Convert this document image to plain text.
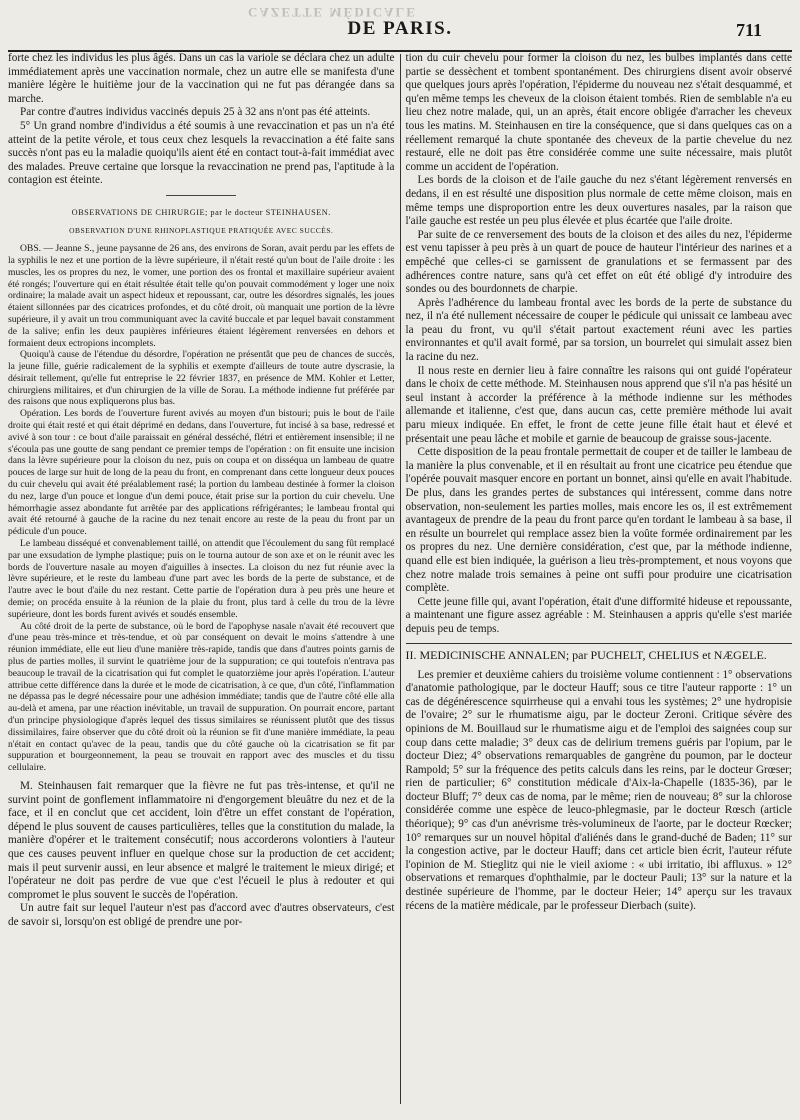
CAZETTE MÉDICALE
DE PARIS.	711

forte chez les individus les plus âgés. Dans un cas la variole se déclara chez un adulte immédiatement après une vaccination normale, chez un autre elle se manifesta d'une manière légère le huitième jour de la vaccination qui ne fut pas dérangée dans sa marche.

Par contre d'autres individus vaccinés depuis 25 à 32 ans n'ont pas été atteints.

5° Un grand nombre d'individus a été soumis à une revaccination et pas un n'a été atteint de la petite vérole, et tous ceux chez lesquels la revaccination a été faite sans succès n'ont pas eu la maladie quoiqu'ils aient été en contact tout-à-fait immédiat avec des malades. Preuve certaine que lorsque la revaccination ne prend pas, l'aptitude à la contagion est éteinte.

OBSERVATIONS DE CHIRURGIE; par le docteur STEINHAUSEN.
OBSERVATION D'UNE RHINOPLASTIQUE PRATIQUÉE AVEC SUCCÈS.

OBS. — Jeanne S., jeune paysanne de 26 ans, des environs de Soran, avait perdu par les effets de la syphilis le nez et une portion de la lèvre supérieure, il n'était resté qu'un bout de l'aile droite : les muscles, les os propres du nez, le vomer, une portion des os frontal et maxillaire supérieur avaient été rongés; l'ouverture qui en était résultée était telle qu'on pouvait commodément y loger une noix ordinaire; la malade avait un aspect hideux et repoussant, car, outre les désordres signalés, les joues étaient sillonnées par des cicatrices profondes, et du côté droit, où manquait une portion de la lèvre supérieure, il y avait un trou communiquant avec la cavité buccale et par lequel bavait constamment de la salive; enfin les deux paupières inférieures étaient légèrement renversées en dehors et formaient deux ectropions incomplets.

Quoiqu'à cause de l'étendue du désordre, l'opération ne présentât que peu de chances de succès, la jeune fille, guérie radicalement de la syphilis et exempte d'ailleurs de toute autre dyscrasie, la désirait tellement, qu'elle fut entreprise le 22 février 1837, en présence de MM. Kohler et Letter, chirurgiens militaires, et d'un chirurgien de la ville de Sorau. La méthode indienne fut préférée par des raisons que nous expliquerons plus bas.

Opération. Les bords de l'ouverture furent avivés au moyen d'un bistouri; puis le bout de l'aile droite qui était resté et qui était déprimé en dedans, dans l'ouverture, fut incisé à sa base, redressé et avivé à son tour : ce bout d'aile paraissait en général desséché, flétri et entièrement insensible; il ne s'écoula pas une goutte de sang pendant ce premier temps de l'opération : on fit ensuite une incision dans la lèvre supérieure pour la cloison du nez, puis on coupa et on disséqua un lambeau de quatre pouces de large sur huit de long de la peau du front, en comprenant dans cette longueur deux pouces du cuir chevelu qui avait été préalablement rasé; la portion du lambeau destinée à former la cloison du nez, large d'un pouce et longue d'un demi pouce, était prise sur la portion du cuir chevelu. Une hémorrhagie assez abondante fut arrêtée par des applications réfrigérantes; le lambeau frontal qui avait été retourné à gauche de la racine du nez tenait encore au reste de la peau du front par un pédicule d'un pouce.

Le lambeau disséqué et convenablement taillé, on attendit que l'écoulement du sang fût remplacé par une exsudation de lymphe plastique; puis on le tourna autour de son axe et on le réunit avec les bords de l'ouverture nasale au moyen d'aiguilles à insectes. La cloison du nez fut réunie avec la lèvre supérieure, et le reste du lambeau d'une part avec les bords de la perte de substance, et de l'autre avec le bout d'aile du nez restant. Cette partie de l'opération dura à peu près une heure et demie; on procéda ensuite à la réunion de la plaie du front, plus tard à celle du trou de la lèvre supérieure, dont les bords furent avivés et soudés ensemble.

Au côté droit de la perte de substance, où le bord de l'apophyse nasale n'avait été recouvert que d'une peau très-mince et très-tendue, et où par conséquent on devait le moins s'attendre à une réunion immédiate, elle eut lieu d'une manière très-rapide, tandis que dans d'autres points garnis de plus de parties molles, il survint le quatrième jour de la suppuration; ce qui toutefois n'entrava pas beaucoup le travail de la cicatrisation qui fut complet le quatorzième jour après l'opération. L'auteur attribue cette différence dans la durée et le mode de cicatrisation, à ce que, d'un côté, l'inflammation ne dépassa pas le degré nécessaire pour une adhésion immédiate; tandis que de l'autre côté elle alla au-delà et amena, par une réaction inévitable, un travail de suppuration. On pourrait encore, partant d'un principe physiologique d'après lequel des tissus similaires se réunissent plutôt que des tissus dissimilaires, faire observer que du côté droit où la réunion se fit d'une manière immédiate, la peau n'était en contact qu'avec de la peau, tandis que du côté gauche où la cicatrisation se fit par suppuration et bourgeonnement, la peau se trouvait en rapport avec des muscles et du tissu cellulaire.

M. Steinhausen fait remarquer que la fièvre ne fut pas très-intense, et qu'il ne survint point de gonflement inflammatoire ni d'engorgement bleuâtre du nez et de la face, et il en conclut que cet accident, loin d'être un effet constant de l'opération, dépend le plus souvent de causes particulières, telles que la constitution du malade, la manière d'opérer et le traitement consécutif; nous accorderons volontiers à l'auteur que ces causes peuvent influer en quelque chose sur la production de cet accident; mais il peut survenir aussi, en leur absence et malgré le traitement le mieux dirigé; et l'opérateur ne doit pas perdre de vue que c'est l'écueil le plus à redouter et qui compromet le plus souvent le succès de l'opération.

Un autre fait sur lequel l'auteur n'est pas d'accord avec d'autres observateurs, c'est de savoir si, lorsqu'on est obligé de prendre une por-

tion du cuir chevelu pour former la cloison du nez, les bulbes implantés dans cette partie se dessèchent et tombent spontanément. Des chirurgiens disent avoir observé que quelques jours après l'opération, l'épiderme du nouveau nez s'était desquammé, et qu'en même temps les cheveux de la cloison étaient tombés. Rien de semblable n'a eu lieu chez notre malade, qui, un an après, était encore obligée d'arracher les cheveux tous les matins. M. Steinhausen en tire la conséquence, que si dans quelques cas on a réellement remarqué la chute spontanée des cheveux de la partie cheveluе du nez restauré, elle ne doit pas être considérée comme une suite nécessaire, mais plutôt comme un accident de l'opération.

Les bords de la cloison et de l'aile gauche du nez s'étant légèrement renversés en dedans, il en est résulté une disposition plus normale de cette même cloison, mais en même temps une disproportion entre les deux ouvertures nasales, par la raison que l'aile gauche est restée un peu plus élevée et plus écartée que l'aile droite.

Par suite de ce renversement des bouts de la cloison et des ailes du nez, l'épiderme est venu tapisser à peu près à un quart de pouce de hauteur l'intérieur des narines et a empêché que celles-ci se garnissent de granulations et se fermassent par des adhérences contre nature, sans qu'à cet effet on eût été obligé d'y introduire des sondes ou des bourdonnets de charpie.

Après l'adhérence du lambeau frontal avec les bords de la perte de substance du nez, il n'a été nullement nécessaire de couper le pédicule qui unissait ce lambeau avec la peau du front, vu qu'il s'était partout exactement réuni avec les parties environnantes et qu'il avait formé, par sa torsion, un bourrelet qui simulait assez bien la racine du nez.

Il nous reste en dernier lieu à faire connaître les raisons qui ont guidé l'opérateur dans le choix de cette méthode. M. Steinhausen nous apprend que s'il n'a pas hésité un seul instant à accorder la préférence à la méthode indienne sur les méthodes allemande et italienne, c'est que, dans aucun cas, cette première méthode lui avait paru mieux indiquée. En effet, le front de cette jeune fille était haut et élevé et présentait une peau lâche et mobile et garnie de beaucoup de graisse sous-jacente.

Cette disposition de la peau frontale permettait de couper et de tailler le lambeau de la manière la plus convenable, et il en résultait au front une cicatrice peu étendue que l'opérée pouvait masquer encore en portant un bonnet, ainsi qu'elle en avait l'habitude. De plus, dans les grandes pertes de substances qui intéressent, comme dans notre observation, non-seulement les parties molles, mais encore les os, il est extrêmement avantageux de prendre de la peau du front parce qu'en tordant le lambeau à sa base, il en résulte un bourrelet qui remplace assez bien la voûte formée ordinairement par les os propres du nez. Une dernière considération, c'est que, par la méthode indienne, quand elle est bien indiquée, la guérison a lieu très-promptement, et nous voyons que chez notre malade trois semaines à peine ont suffi pour produire une cicatrisation complète.

Cette jeune fille qui, avant l'opération, était d'une difformité hideuse et repoussante, a maintenant une figure assez agréable : M. Steinhausen a appris qu'elle s'est mariée depuis peu de temps.

II. MEDICINISCHE ANNALEN; par PUCHELT, CHELIUS et NÆGELE.

Les premier et deuxième cahiers du troisième volume contiennent : 1° observations d'anatomie pathologique, par le docteur Hauff; sous ce titre l'auteur rapporte : 1° un cas de dégénérescence squirrheuse qui a envahi tous les systèmes; 2° une hydropisie de l'ovaire; 2° sur le rhumatisme aigu, par le docteur Zeroni. Critique sévère des opinions de M. Bouillaud sur le rhumatisme aigu et de l'emploi des saignées coup sur coup dans cette maladie; 3° deux cas de delirium tremens guéris par l'opium, par le docteur Diez; 4° observations remarquables de gangrène du poumon, par le docteur Rampold; 5° sur la fréquence des petits calculs dans les reins, par le docteur Grœser; rien de particulier; 6° constitution médicale d'Aix-la-Chapelle (1835-36), par le docteur Bluff; 7° deux cas de noma, par le même; rien de nouveau; 8° sur la chlorose considérée comme une espèce de leuco-phlegmasie, par le docteur Rœsch (article théorique); 9° cas d'un anévrisme très-volumineux de l'aorte, par le docteur Rœcker; 10° remarques sur un nouvel hôpital d'aliénés dans le grand-duché de Baden; 11° sur la congestion active, par le docteur Hauff; dans cet article bien écrit, l'auteur réfute l'opinion de M. Stieglitz qui nie le vieil axiome : « ubi irritatio, ibi affluxus. » 12° observations et remarques d'ophthalmie, par le docteur Pauli; 13° sur la nature et la destinée supérieure de l'homme, par le docteur Heier; 14° aperçu sur les travaux récens de la matière médicale, par le professeur Dierbach (suite).
